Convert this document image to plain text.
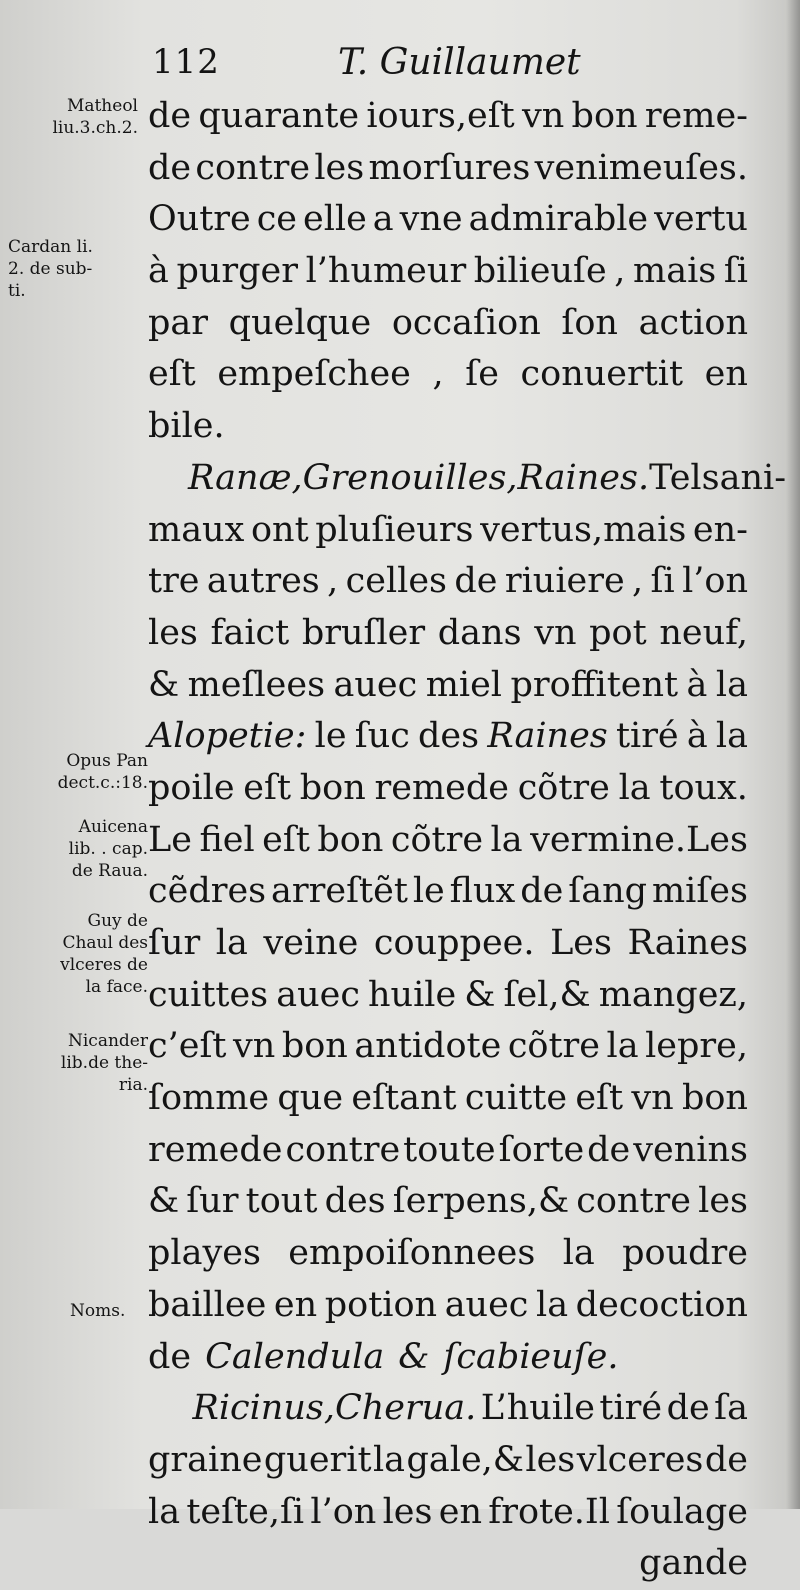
112	T. Guillaumet
Matheol
liu.3.ch.2.
Cardan li.
2. de sub-
ti.
Opus Pan
dect.c.:18.
Auicena
lib. . cap.
de Raua.
Guy de
Chaul des
vlceres de
la face.
Nicander
lib.de the-
ria.
Noms.
de quarante iours,eſt vn bon reme-
de contre les morſures venimeuſes.
Outre ce elle a vne admirable vertu
à purger l’humeur bilieuſe , mais ſi
par quelque occaſion ſon action
eſt empeſchee , ſe conuertit en
bile.

Ranæ,Grenouilles,Raines. Tels ani-
maux ont pluſieurs vertus,mais en-
tre autres , celles de riuiere , ſi l’on
les faict bruſler dans vn pot neuf,
& meſlees auec miel proffitent à la
Alopetie: le ſuc des Raines tiré à la
poile eſt bon remede cõtre la toux.
Le fiel eſt bon cõtre la vermine.Les
cẽdres arreſtẽt le flux de ſang miſes
ſur la veine couppee. Les Raines
cuittes auec huile & ſel,& mangez,
c’eſt vn bon antidote cõtre la lepre,
ſomme que eſtant cuitte eſt vn bon
remede contre toute ſorte de venins
& ſur tout des ſerpens,& contre les
playes empoiſonnees la poudre
baillee en potion auec la decoction
de Calendula & ſcabieuſe.

Ricinus,Cherua. L’huile tiré de ſa
graine guerit la gale,& les vlceres de
la teſte,ſi l’on les en frote.Il ſoulage
gande
